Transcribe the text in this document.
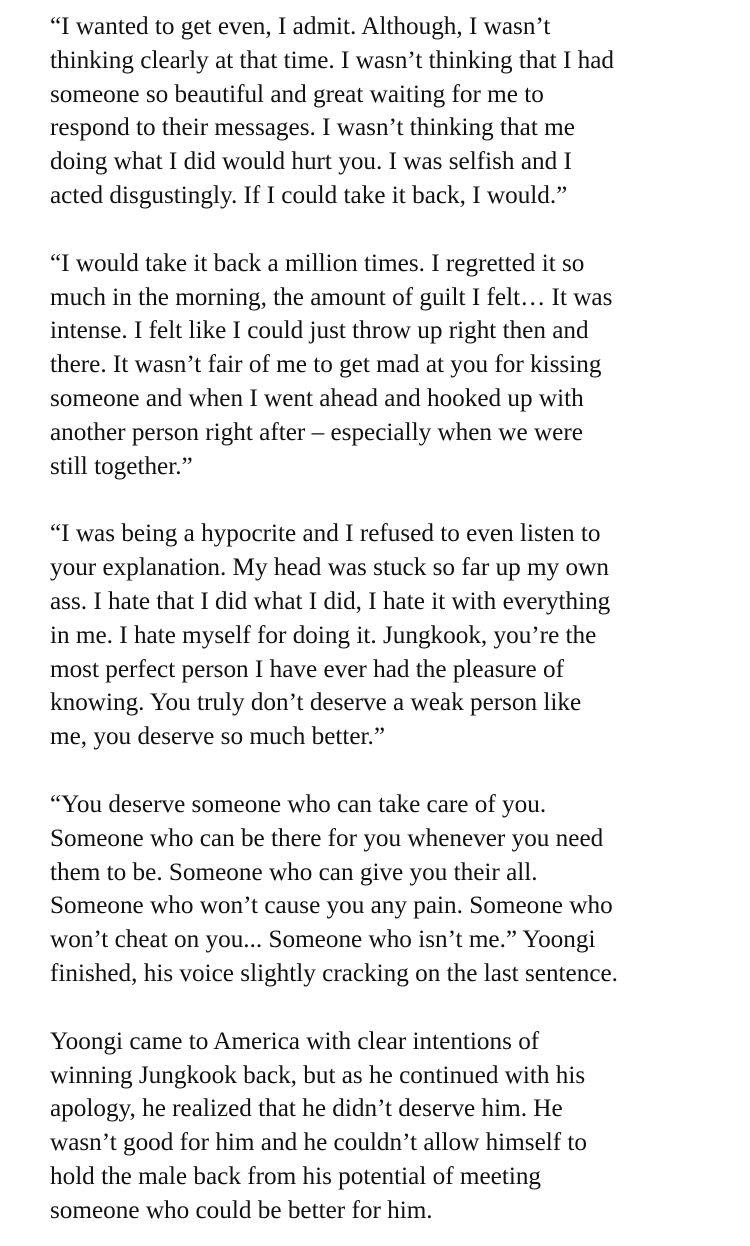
“I wanted to get even, I admit. Although, I wasn’t
thinking clearly at that time. I wasn’t thinking that I had
someone so beautiful and great waiting for me to
respond to their messages. I wasn’t thinking that me
doing what I did would hurt you. I was selfish and I
acted disgustingly. If I could take it back, I would.”
“I would take it back a million times. I regretted it so
much in the morning, the amount of guilt I felt… It was
intense. I felt like I could just throw up right then and
there. It wasn’t fair of me to get mad at you for kissing
someone and when I went ahead and hooked up with
another person right after – especially when we were
still together.”
“I was being a hypocrite and I refused to even listen to
your explanation. My head was stuck so far up my own
ass. I hate that I did what I did, I hate it with everything
in me. I hate myself for doing it. Jungkook, you’re the
most perfect person I have ever had the pleasure of
knowing. You truly don’t deserve a weak person like
me, you deserve so much better.”
“You deserve someone who can take care of you.
Someone who can be there for you whenever you need
them to be. Someone who can give you their all.
Someone who won’t cause you any pain. Someone who
won’t cheat on you... Someone who isn’t me.” Yoongi
finished, his voice slightly cracking on the last sentence.
Yoongi came to America with clear intentions of
winning Jungkook back, but as he continued with his
apology, he realized that he didn’t deserve him. He
wasn’t good for him and he couldn’t allow himself to
hold the male back from his potential of meeting
someone who could be better for him.
